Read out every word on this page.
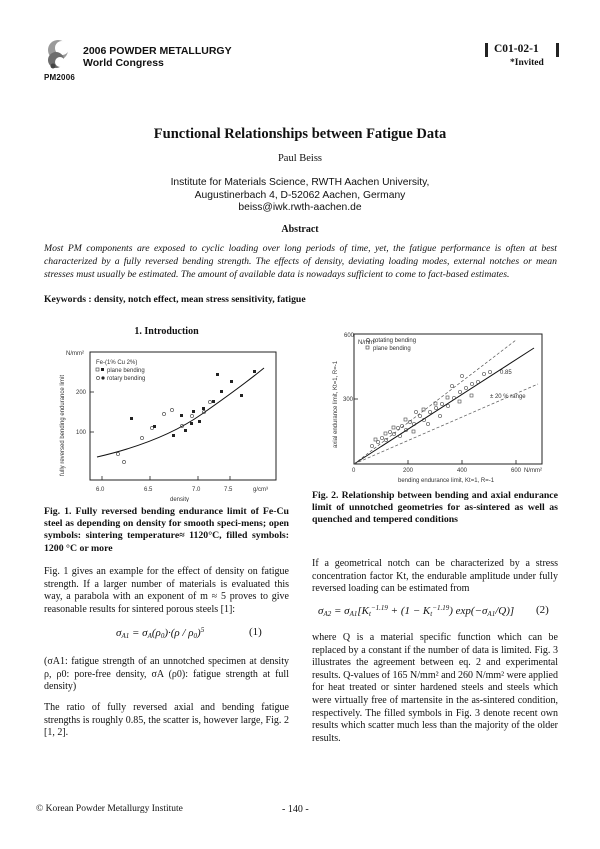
PM2006
2006 POWDER METALLURGY
World Congress
C01-02-1
*Invited
Functional Relationships between Fatigue Data
Paul Beiss
Institute for Materials Science, RWTH Aachen University,
Augustinerbach 4, D-52062 Aachen, Germany
beiss@iwk.rwth-aachen.de
Abstract
Most PM components are exposed to cyclic loading over long periods of time, yet, the fatigue performance is often at best characterized by a fully reversed bending strength. The effects of density, deviating loading modes, external notches or mean stresses must usually be estimated. The amount of available data is nowadays sufficient to come to fact-based estimates.
Keywords : density, notch effect, mean stress sensitivity, fatigue
1. Introduction
100
200
6.0	6.5	7.0	7.5
density
g/cm³
N/mm²
fully reversed bending endurance limit
Fe-(1% Cu 2%)
plane bending
rotary bending
Fig. 1. Fully reversed bending endurance limit of Fe-Cu steel as depending on density for smooth speci-mens; open symbols: sintering temperature≈ 1120°C, filled symbols: 1200 °C or more
Fig. 1 gives an example for the effect of density on fatigue strength. If a larger number of materials is evaluated this way, a parabola with an exponent of m ≈ 5 proves to give reasonable results for sintered porous steels [1]:
$\sigma_{A1} = \sigma_A(\rho_0)\cdot(\rho / \rho_0)^5$	(1)
(σA1: fatigue strength of an unnotched specimen at density ρ, ρ0: pore-free density, σA (ρ0): fatigue strength at full density)
The ratio of fully reversed axial and bending fatigue strengths is roughly 0.85, the scatter is, however large, Fig. 2 [1, 2].
600
300
0	200	400	600 N/mm²
N/mm²
bending endurance limit, Kt=1, R=-1
axial endurance limit, Kt=1, R=-1
rotating bending
plane bending
0.85
± 20 % range
Fig. 2. Relationship between bending and axial endurance limit of unnotched geometries for as-sintered as well as quenched and tempered conditions
If a geometrical notch can be characterized by a stress concentration factor Kt, the endurable amplitude under fully reversed loading can be estimated from
$\sigma_{A2} = \sigma_{A1}[K_t^{-1.19} + (1 - K_t^{-1.19})$ $\exp(-\sigma_{A1}/Q)$] (2)
where Q is a material specific function which can be replaced by a constant if the number of data is limited. Fig. 3 illustrates the agreement between eq. 2 and experimental results. Q-values of 165 N/mm² and 260 N/mm² were applied for heat treated or sinter hardened steels and steels which were virtually free of martensite in the as-sintered condition, respectively. The filled symbols in Fig. 3 denote recent own results which scatter much less than the majority of the older results.
© Korean Powder Metallurgy Institute	- 140 -
